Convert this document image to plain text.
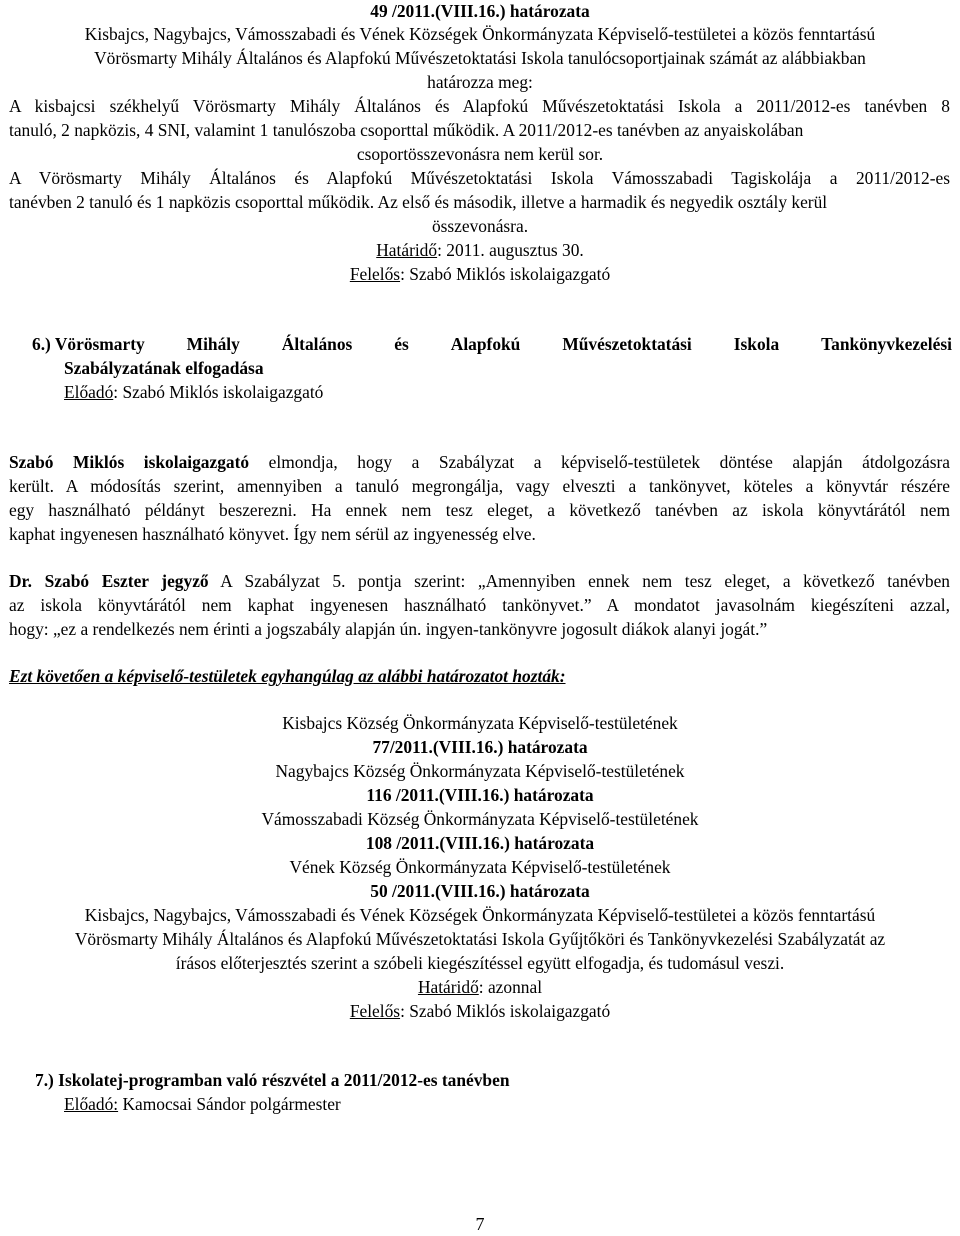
49 /2011.(VIII.16.) határozata
Kisbajcs, Nagybajcs, Vámosszabadi és Vének Községek Önkormányzata Képviselő-testületei a közös fenntartású
Vörösmarty Mihály Általános és Alapfokú Művészetoktatási Iskola tanulócsoportjainak számát az alábbiakban
határozza meg:
A kisbajcsi székhelyű Vörösmarty Mihály Általános és Alapfokú Művészetoktatási Iskola a 2011/2012-es tanévben 8
tanuló, 2 napközis, 4 SNI, valamint 1 tanulószoba csoporttal működik. A 2011/2012-es tanévben az anyaiskolában
csoportösszevonásra nem kerül sor.
A Vörösmarty Mihály Általános és Alapfokú Művészetoktatási Iskola Vámosszabadi Tagiskolája a 2011/2012-es
tanévben 2 tanuló és 1 napközis csoporttal működik. Az első és második, illetve a harmadik és negyedik osztály kerül
összevonásra.
Határidő: 2011. augusztus 30.
Felelős: Szabó Miklós iskolaigazgató
6.) Vörösmarty Mihály Általános és Alapfokú Művészetoktatási Iskola Tankönyvkezelési
Szabályzatának elfogadása
Előadó: Szabó Miklós iskolaigazgató
Szabó Miklós iskolaigazgató elmondja, hogy a Szabályzat a képviselő-testületek döntése alapján átdolgozásra
került. A módosítás szerint, amennyiben a tanuló megrongálja, vagy elveszti a tankönyvet, köteles a könyvtár részére
egy használható példányt beszerezni. Ha ennek nem tesz eleget, a következő tanévben az iskola könyvtárától nem
kaphat ingyenesen használható könyvet. Így nem sérül az ingyenesség elve.
Dr. Szabó Eszter jegyző A Szabályzat 5. pontja szerint: „Amennyiben ennek nem tesz eleget, a következő tanévben
az iskola könyvtárától nem kaphat ingyenesen használható tankönyvet.” A mondatot javasolnám kiegészíteni azzal,
hogy: „ez a rendelkezés nem érinti a jogszabály alapján ún. ingyen-tankönyvre jogosult diákok alanyi jogát.”
Ezt követően a képviselő-testületek egyhangúlag az alábbi határozatot hozták:
Kisbajcs Község Önkormányzata Képviselő-testületének
77/2011.(VIII.16.) határozata
Nagybajcs Község Önkormányzata Képviselő-testületének
116 /2011.(VIII.16.) határozata
Vámosszabadi Község Önkormányzata Képviselő-testületének
108 /2011.(VIII.16.) határozata
Vének Község Önkormányzata Képviselő-testületének
50 /2011.(VIII.16.) határozata
Kisbajcs, Nagybajcs, Vámosszabadi és Vének Községek Önkormányzata Képviselő-testületei a közös fenntartású
Vörösmarty Mihály Általános és Alapfokú Művészetoktatási Iskola Gyűjtőköri és Tankönyvkezelési Szabályzatát az
írásos előterjesztés szerint a szóbeli kiegészítéssel együtt elfogadja, és tudomásul veszi.
Határidő: azonnal
Felelős: Szabó Miklós iskolaigazgató
7.) Iskolatej-programban való részvétel a 2011/2012-es tanévben
Előadó: Kamocsai Sándor polgármester
7
